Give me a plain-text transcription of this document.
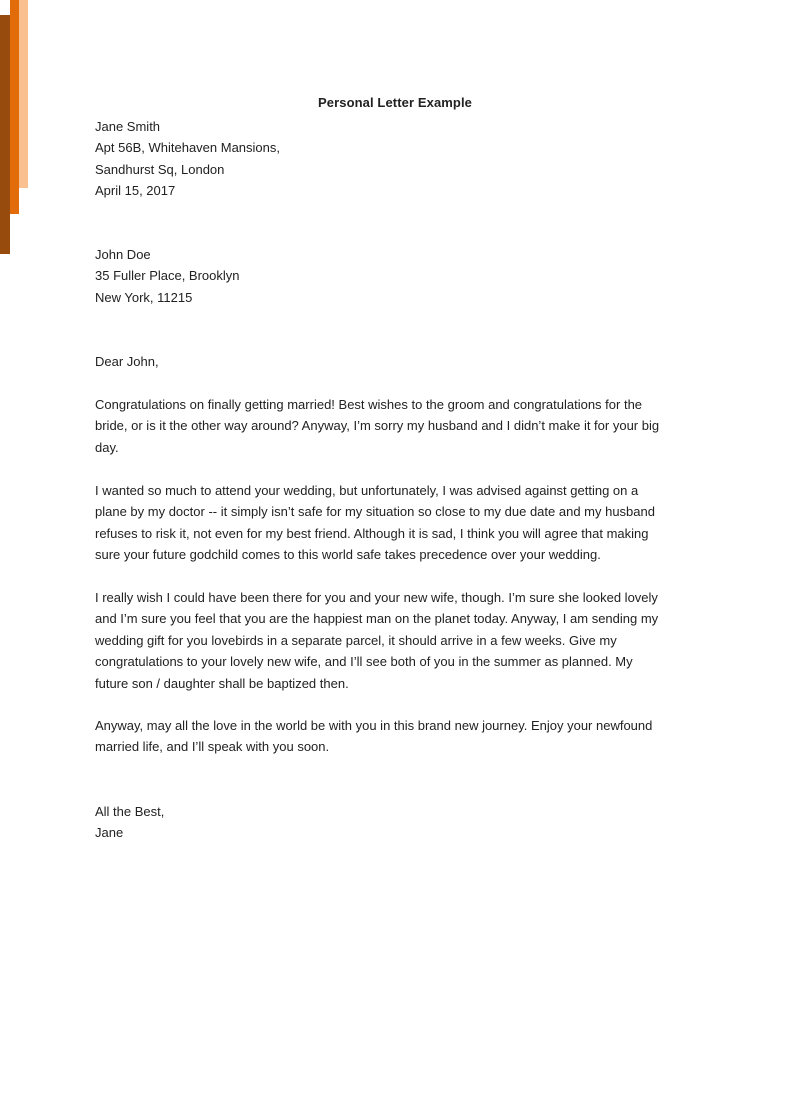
Personal Letter Example
Jane Smith
Apt 56B, Whitehaven Mansions,
Sandhurst Sq, London
April 15, 2017
John Doe
35 Fuller Place, Brooklyn
New York, 11215
Dear John,
Congratulations on finally getting married! Best wishes to the groom and congratulations for the
bride, or is it the other way around? Anyway, I’m sorry my husband and I didn’t make it for your big
day.
I wanted so much to attend your wedding, but unfortunately, I was advised against getting on a
plane by my doctor -- it simply isn’t safe for my situation so close to my due date and my husband
refuses to risk it, not even for my best friend. Although it is sad, I think you will agree that making
sure your future godchild comes to this world safe takes precedence over your wedding.
I really wish I could have been there for you and your new wife, though. I’m sure she looked lovely
and I’m sure you feel that you are the happiest man on the planet today. Anyway, I am sending my
wedding gift for you lovebirds in a separate parcel, it should arrive in a few weeks. Give my
congratulations to your lovely new wife, and I’ll see both of you in the summer as planned. My
future son / daughter shall be baptized then.
Anyway, may all the love in the world be with you in this brand new journey. Enjoy your newfound
married life, and I’ll speak with you soon.
All the Best,
Jane
